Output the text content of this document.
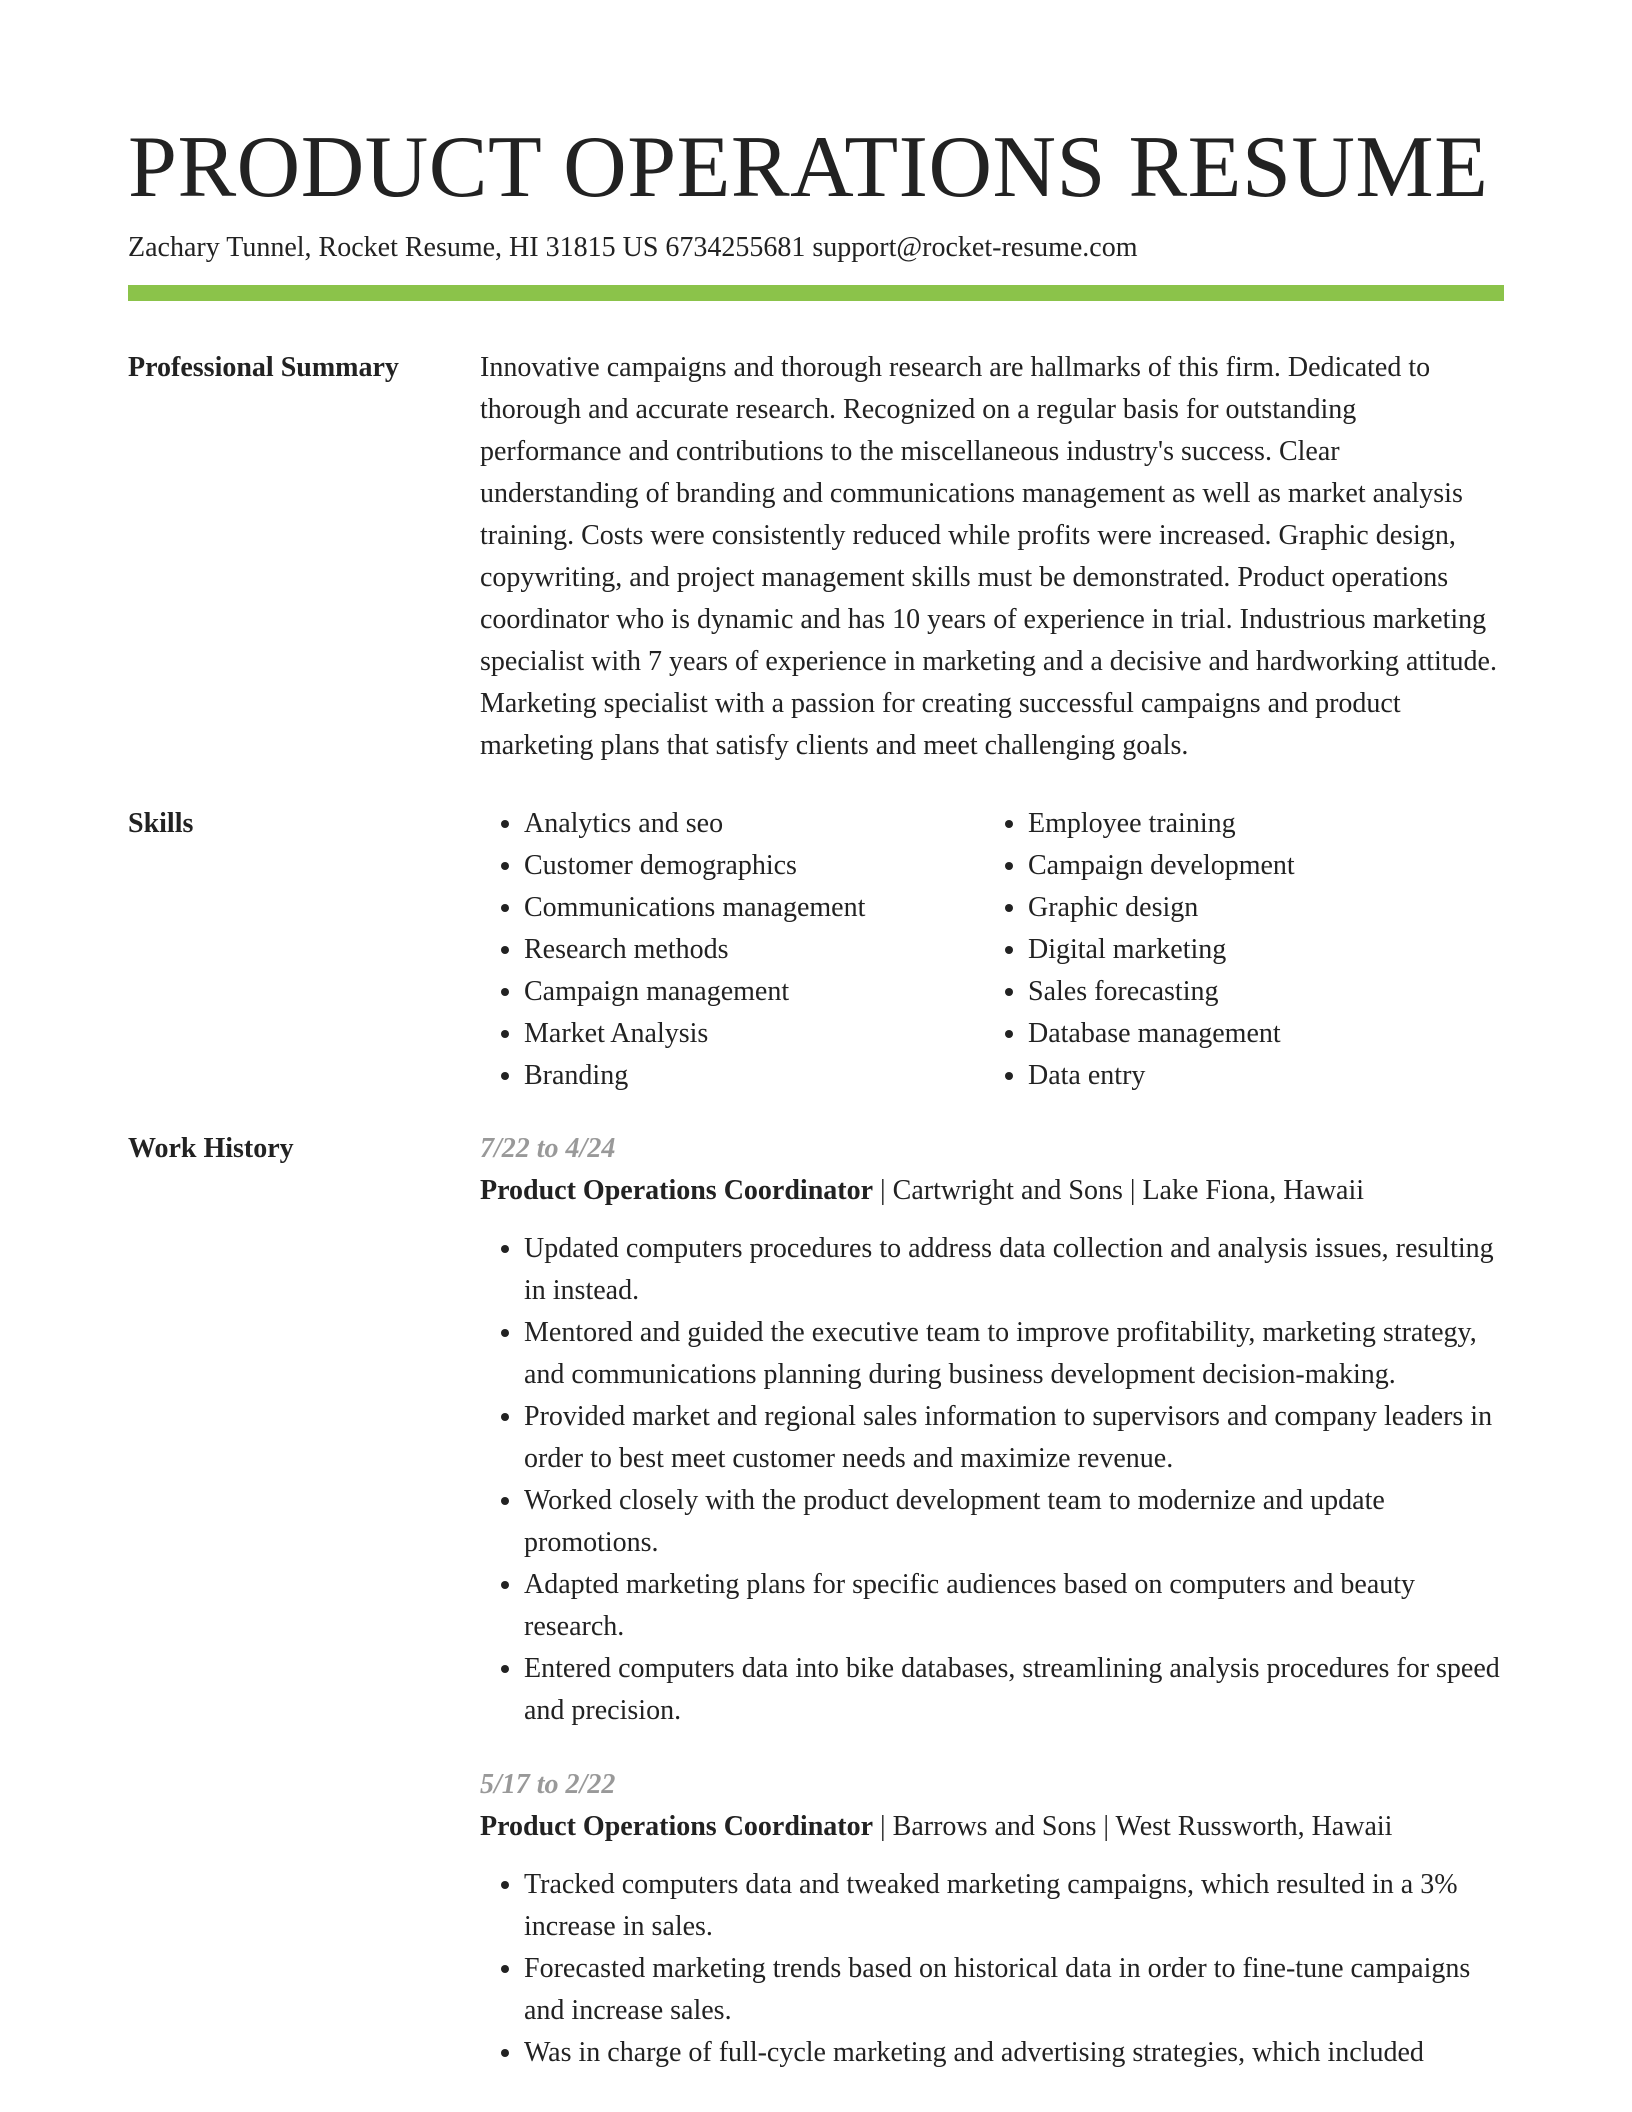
PRODUCT OPERATIONS RESUME
Zachary Tunnel, Rocket Resume, HI 31815 US 6734255681 support@rocket-resume.com
Professional Summary	Innovative campaigns and thorough research are hallmarks of this firm. Dedicated to thorough and accurate research. Recognized on a regular basis for outstanding performance and contributions to the miscellaneous industry's success. Clear understanding of branding and communications management as well as market analysis training. Costs were consistently reduced while profits were increased. Graphic design, copywriting, and project management skills must be demonstrated. Product operations coordinator who is dynamic and has 10 years of experience in trial. Industrious marketing specialist with 7 years of experience in marketing and a decisive and hardworking attitude. Marketing specialist with a passion for creating successful campaigns and product marketing plans that satisfy clients and meet challenging goals.

Skills
•	Analytics and seo
• Customer demographics
• Communications management
• Research methods
• Campaign management
• Market Analysis
• Branding
• Employee training
• Campaign development
• Graphic design
• Digital marketing
• Sales forecasting
• Database management
• Data entry
Work History	7/22 to 4/24
Product Operations Coordinator | Cartwright and Sons | Lake Fiona, Hawaii
• Updated computers procedures to address data collection and analysis issues, resulting in instead.
• Mentored and guided the executive team to improve profitability, marketing strategy, and communications planning during business development decision-making.
• Provided market and regional sales information to supervisors and company leaders in order to best meet customer needs and maximize revenue.
• Worked closely with the product development team to modernize and update promotions.
• Adapted marketing plans for specific audiences based on computers and beauty research.
• Entered computers data into bike databases, streamlining analysis procedures for speed and precision.
5/17 to 2/22
Product Operations Coordinator | Barrows and Sons | West Russworth, Hawaii
• Tracked computers data and tweaked marketing campaigns, which resulted in a 3% increase in sales.
• Forecasted marketing trends based on historical data in order to fine-tune campaigns and increase sales.
• Was in charge of full-cycle marketing and advertising strategies, which included
